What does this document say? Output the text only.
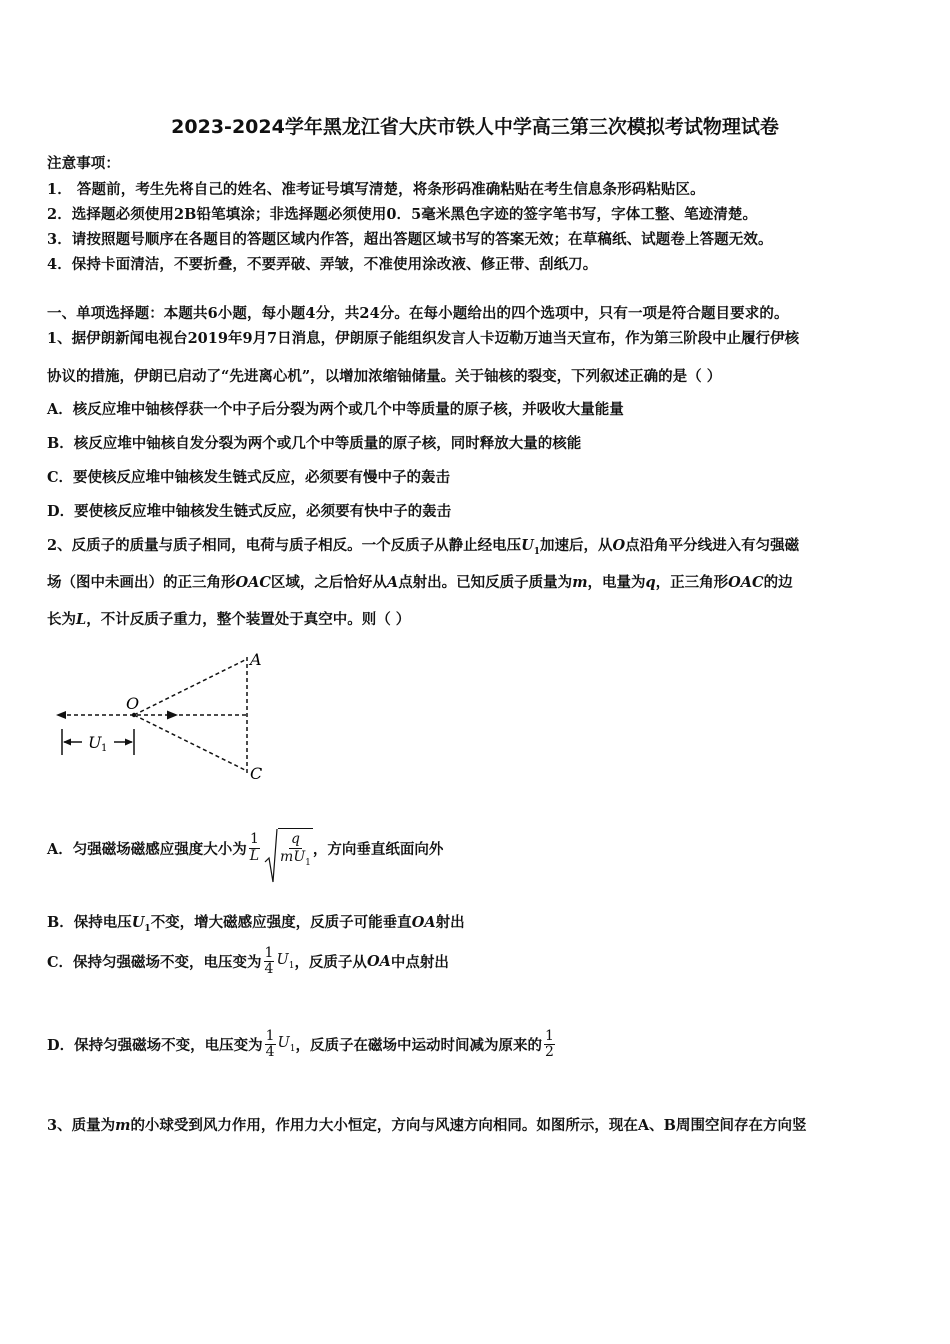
2023-2024学年黑龙江省大庆市铁人中学高三第三次模拟考试物理试卷
注意事项：
1． 答题前，考生先将自己的姓名、准考证号填写清楚，将条形码准确粘贴在考生信息条形码粘贴区。
2．选择题必须使用2B铅笔填涂；非选择题必须使用0．5毫米黑色字迹的签字笔书写，字体工整、笔迹清楚。
3．请按照题号顺序在各题目的答题区域内作答，超出答题区域书写的答案无效；在草稿纸、试题卷上答题无效。
4．保持卡面清洁，不要折叠，不要弄破、弄皱，不准使用涂改液、修正带、刮纸刀。
一、单项选择题：本题共6小题，每小题4分，共24分。在每小题给出的四个选项中，只有一项是符合题目要求的。
1、据伊朗新闻电视台2019年9月7日消息，伊朗原子能组织发言人卡迈勒万迪当天宣布，作为第三阶段中止履行伊核
协议的措施，伊朗已启动了“先进离心机”，以增加浓缩铀储量。关于铀核的裂变，下列叙述正确的是（ ）
A．核反应堆中铀核俘获一个中子后分裂为两个或几个中等质量的原子核，并吸收大量能量
B．核反应堆中铀核自发分裂为两个或几个中等质量的原子核，同时释放大量的核能
C．要使核反应堆中铀核发生链式反应，必须要有慢中子的轰击
D．要使核反应堆中铀核发生链式反应，必须要有快中子的轰击
2、反质子的质量与质子相同，电荷与质子相反。一个反质子从静止经电压$U_1$加速后，从O点沿角平分线进入有匀强磁
场（图中未画出）的正三角形OAC区域，之后恰好从A点射出。已知反质子质量为m，电量为q，正三角形OAC的边
长为L，不计反质子重力，整个装置处于真空中。则（ ）
A
O
C
U 1
A．匀强磁场磁感应强度大小为 $\frac{1}{L} \frac{q}{mU_1}$ ，方向垂直纸面向外
B．保持电压$U_1$不变，增大磁感应强度，反质子可能垂直OA射出
C．保持匀强磁场不变，电压变为 $\frac{1}{4} U_1$ ，反质子从 OA 中点射出
D．保持匀强磁场不变，电压变为 $\frac{1}{4} U_1$ ，反质子在磁场中运动时间减为原来的 $\frac{1}{2}$
3、质量为m的小球受到风力作用，作用力大小恒定，方向与风速方向相同。如图所示，现在A、B周围空间存在方向竖
